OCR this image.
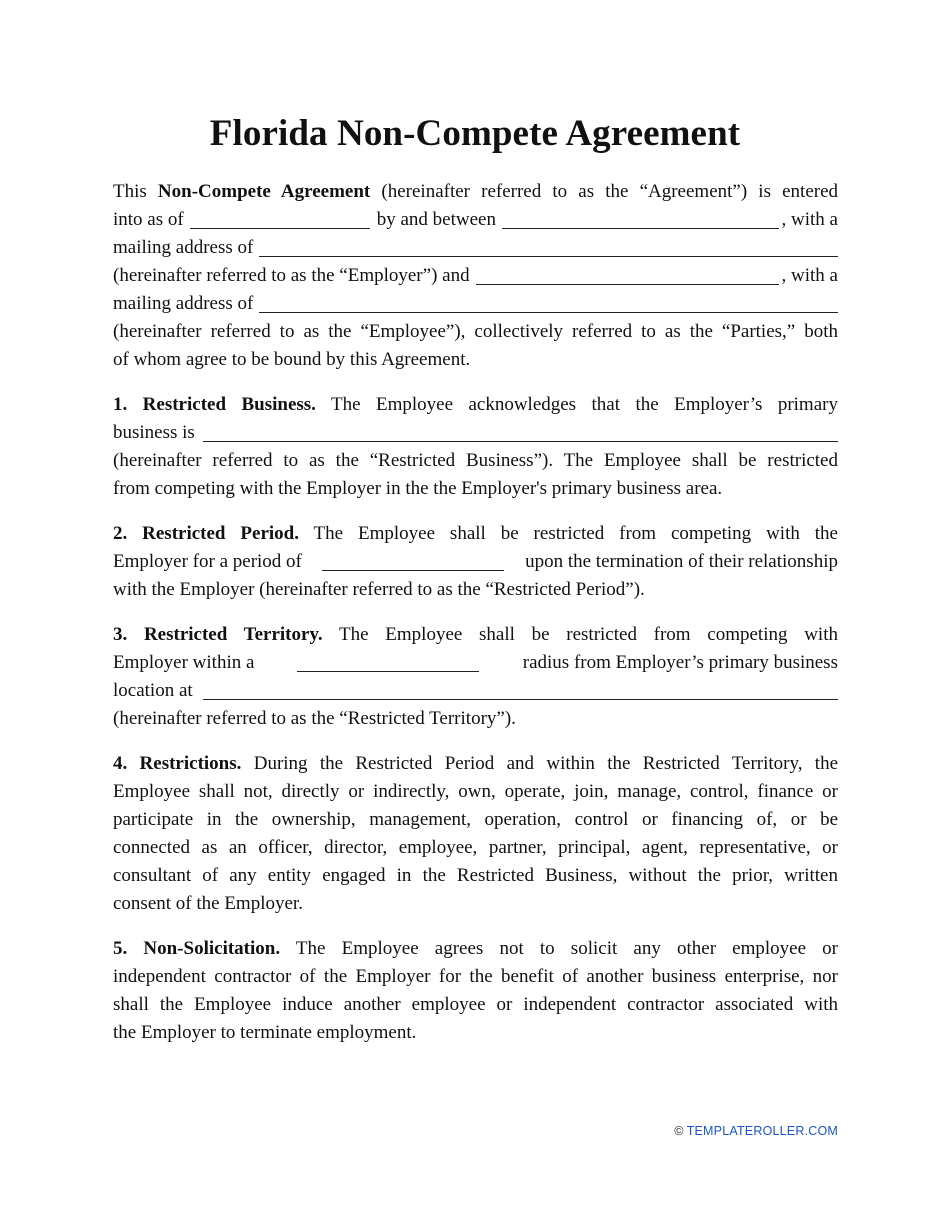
Florida Non-Compete Agreement
This Non-Compete Agreement (hereinafter referred to as the “Agreement”) is entered
into as of	by and between	, with a
mailing address of
(hereinafter referred to as the “Employer”) and	, with a
mailing address of
(hereinafter referred to as the “Employee”), collectively referred to as the “Parties,” both
of whom agree to be bound by this Agreement.
1. Restricted Business. The Employee acknowledges that the Employer’s primary
business is
(hereinafter referred to as the “Restricted Business”). The Employee shall be restricted
from competing with the Employer in the the Employer's primary business area.
2. Restricted Period. The Employee shall be restricted from competing with the
Employer for a period of	upon the termination of their relationship
with the Employer (hereinafter referred to as the “Restricted Period”).
3. Restricted Territory. The Employee shall be restricted from competing with
Employer within a	radius from Employer’s primary business
location at
(hereinafter referred to as the “Restricted Territory”).
4. Restrictions. During the Restricted Period and within the Restricted Territory, the
Employee shall not, directly or indirectly, own, operate, join, manage, control, finance or
participate in the ownership, management, operation, control or financing of, or be
connected as an officer, director, employee, partner, principal, agent, representative, or
consultant of any entity engaged in the Restricted Business, without the prior, written
consent of the Employer.
5. Non-Solicitation. The Employee agrees not to solicit any other employee or
independent contractor of the Employer for the benefit of another business enterprise, nor
shall the Employee induce another employee or independent contractor associated with
the Employer to terminate employment.
© TEMPLATEROLLER.COM
